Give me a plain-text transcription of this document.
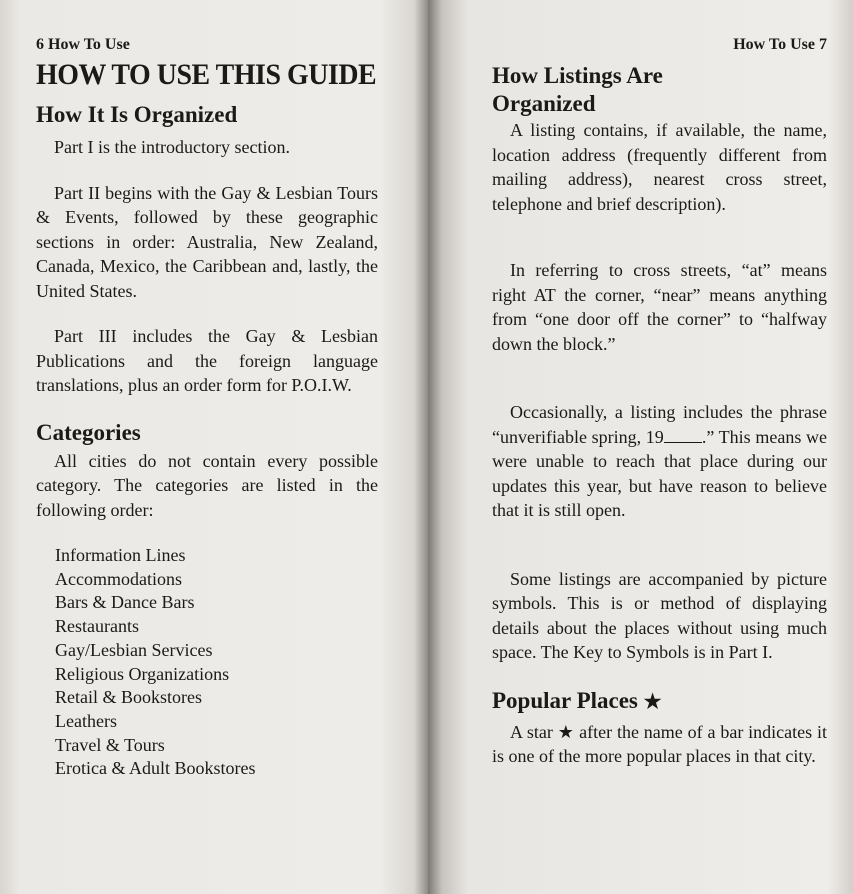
6 How To Use
HOW TO USE THIS GUIDE
How It Is Organized

Part I is the introductory section.

Part II begins with the Gay & Lesbian Tours & Events, followed by these geographic sections in order: Australia, New Zealand, Canada, Mexico, the Caribbean and, lastly, the United States.

Part III includes the Gay & Lesbian Publications and the foreign language translations, plus an order form for P.O.I.W.

Categories

All cities do not contain every possible category. The categories are listed in the following order:

Information Lines
Accommodations
Bars & Dance Bars
Restaurants
Gay/Lesbian Services
Religious Organizations
Retail & Bookstores
Leathers
Travel & Tours
Erotica & Adult Bookstores
How To Use 7
How Listings Are
Organized

A listing contains, if available, the name, location address (frequently different from mailing address), nearest cross street, telephone and brief description).

In referring to cross streets, “at” means right AT the corner, “near” means anything from “one door off the corner” to “halfway down the block.”

Occasionally, a listing includes the phrase “unverifiable spring, 19 .” This means we were unable to reach that place during our updates this year, but have reason to believe that it is still open.

Some listings are accompanied by picture symbols. This is or method of displaying details about the places without using much space. The Key to Symbols is in Part I.

Popular Places ★

A star ★ after the name of a bar indicates it is one of the more popular places in that city.
